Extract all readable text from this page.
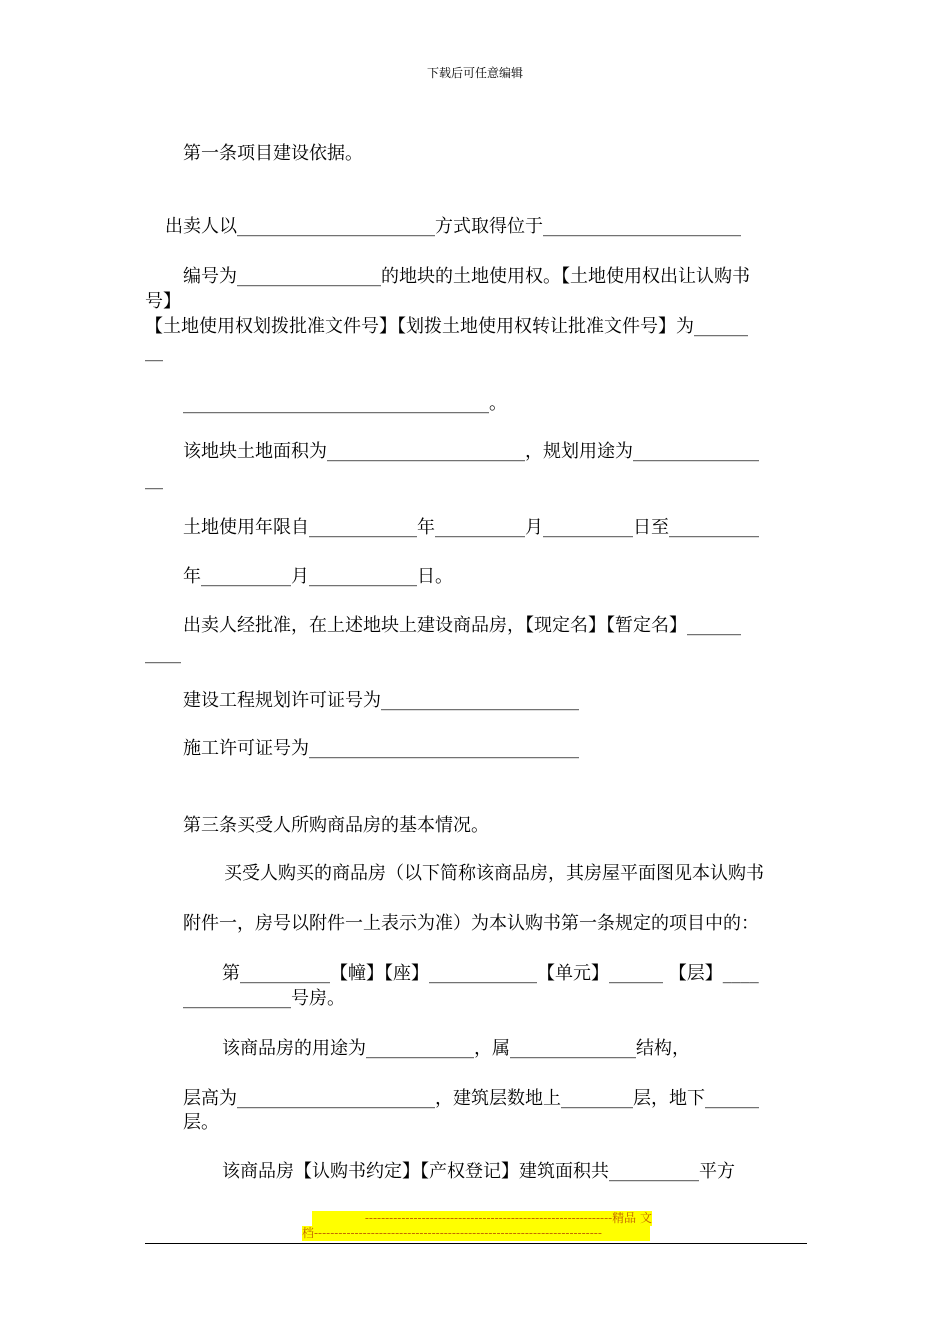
下载后可任意编辑
第一条项目建设依据。
出卖人以______________________方式取得位于______________________
编号为________________的地块的土地使用权。【土地使用权出让认购书
号】
【土地使用权划拨批准文件号】【划拨土地使用权转让批准文件号】为______
__
__________________________________。
该地块土地面积为______________________，规划用途为______________
__
土地使用年限自____________年__________月__________日至__________
年__________月____________日。
出卖人经批准，在上述地块上建设商品房，【现定名】【暂定名】______
____
建设工程规划许可证号为______________________
施工许可证号为______________________________
第三条买受人所购商品房的基本情况。
买受人购买的商品房（以下简称该商品房，其房屋平面图见本认购书
附件一，房号以附件一上表示为准）为本认购书第一条规定的项目中的：
第__________【幢】【座】____________【单元】______ 【层】____
____________号房。
该商品房的用途为____________，属______________结构，
层高为______________________，建筑层数地上________层，地下______
层。
该商品房【认购书约定】【产权登记】建筑面积共__________平方
-------------------------------------------------------------精品 文
档-----------------------------------------------------------------------
